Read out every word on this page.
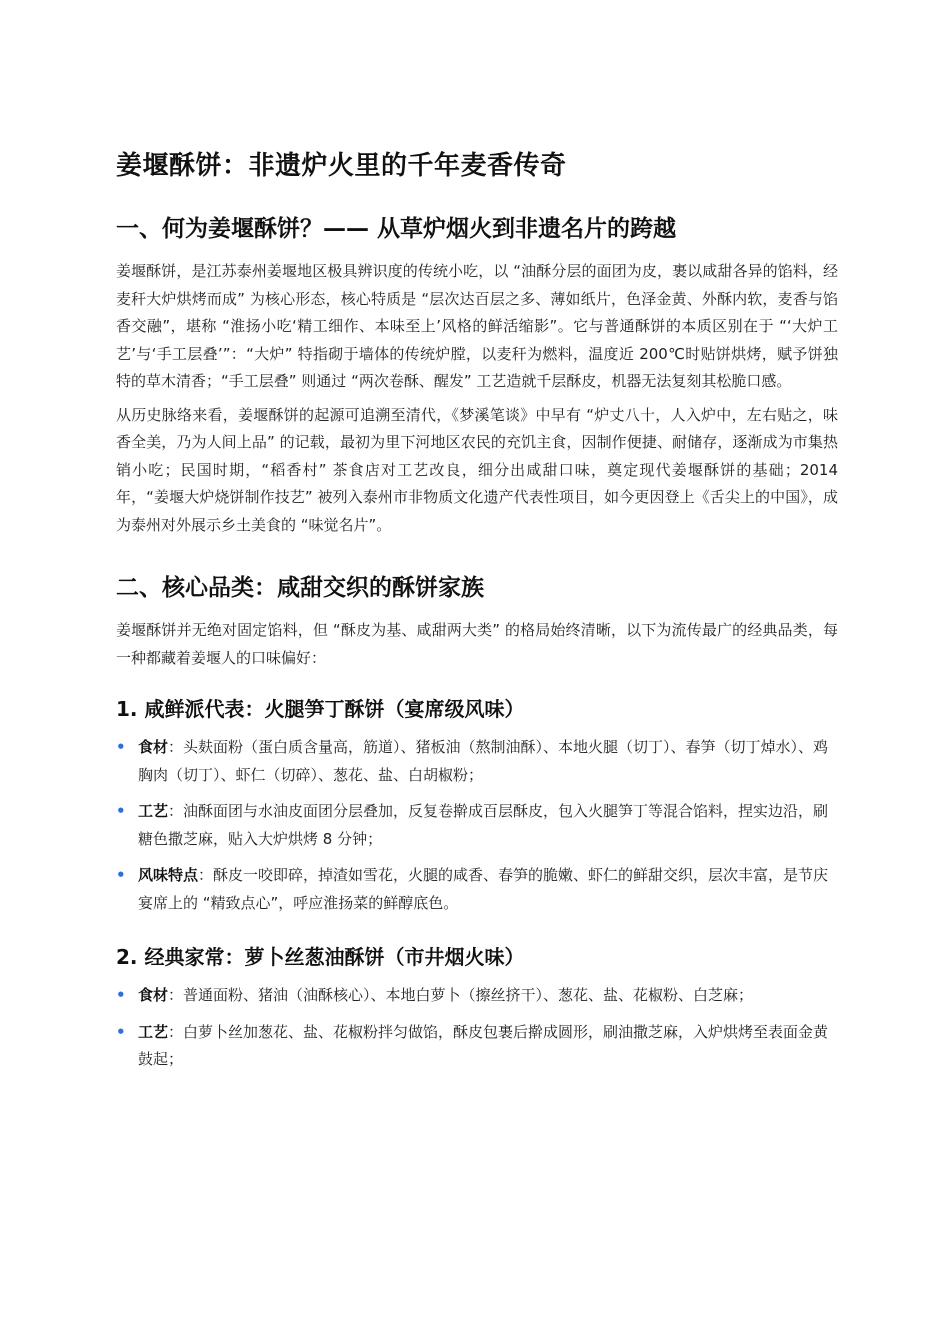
姜堰酥饼：非遗炉火里的千年麦香传奇
一、何为姜堰酥饼？—— 从草炉烟火到非遗名片的跨越

姜堰酥饼，是江苏泰州姜堰地区极具辨识度的传统小吃，以 “油酥分层的面团为皮，裹以咸甜各异的馅料，经麦秆大炉烘烤而成” 为核心形态，核心特质是 “层次达百层之多、薄如纸片，色泽金黄、外酥内软，麦香与馅香交融”，堪称 “淮扬小吃‘精工细作、本味至上’风格的鲜活缩影”。它与普通酥饼的本质区别在于 “‘大炉工艺’与‘手工层叠’”：“大炉” 特指砌于墙体的传统炉膛，以麦秆为燃料，温度近 200℃时贴饼烘烤，赋予饼独特的草木清香；“手工层叠” 则通过 “两次卷酥、醒发” 工艺造就千层酥皮，机器无法复刻其松脆口感。

从历史脉络来看，姜堰酥饼的起源可追溯至清代，《梦溪笔谈》中早有 “炉丈八十，人入炉中，左右贴之，味香全美，乃为人间上品” 的记载，最初为里下河地区农民的充饥主食，因制作便捷、耐储存，逐渐成为市集热销小吃；民国时期，“稻香村” 茶食店对工艺改良，细分出咸甜口味，奠定现代姜堰酥饼的基础；2014 年，“姜堰大炉烧饼制作技艺” 被列入泰州市非物质文化遗产代表性项目，如今更因登上《舌尖上的中国》，成为泰州对外展示乡土美食的 “味觉名片”。

二、核心品类：咸甜交织的酥饼家族

姜堰酥饼并无绝对固定馅料，但 “酥皮为基、咸甜两大类” 的格局始终清晰，以下为流传最广的经典品类，每一种都藏着姜堰人的口味偏好：

1. 咸鲜派代表：火腿笋丁酥饼（宴席级风味）
• 食材：头麸面粉（蛋白质含量高，筋道）、猪板油（熬制油酥）、本地火腿（切丁）、春笋（切丁焯水）、鸡胸肉（切丁）、虾仁（切碎）、葱花、盐、白胡椒粉；
• 工艺：油酥面团与水油皮面团分层叠加，反复卷擀成百层酥皮，包入火腿笋丁等混合馅料，捏实边沿，刷糖色撒芝麻，贴入大炉烘烤 8 分钟；
• 风味特点：酥皮一咬即碎，掉渣如雪花，火腿的咸香、春笋的脆嫩、虾仁的鲜甜交织，层次丰富，是节庆宴席上的 “精致点心”，呼应淮扬菜的鲜醇底色。
2. 经典家常：萝卜丝葱油酥饼（市井烟火味）
• 食材：普通面粉、猪油（油酥核心）、本地白萝卜（擦丝挤干）、葱花、盐、花椒粉、白芝麻；
• 工艺：白萝卜丝加葱花、盐、花椒粉拌匀做馅，酥皮包裹后擀成圆形，刷油撒芝麻，入炉烘烤至表面金黄鼓起；
